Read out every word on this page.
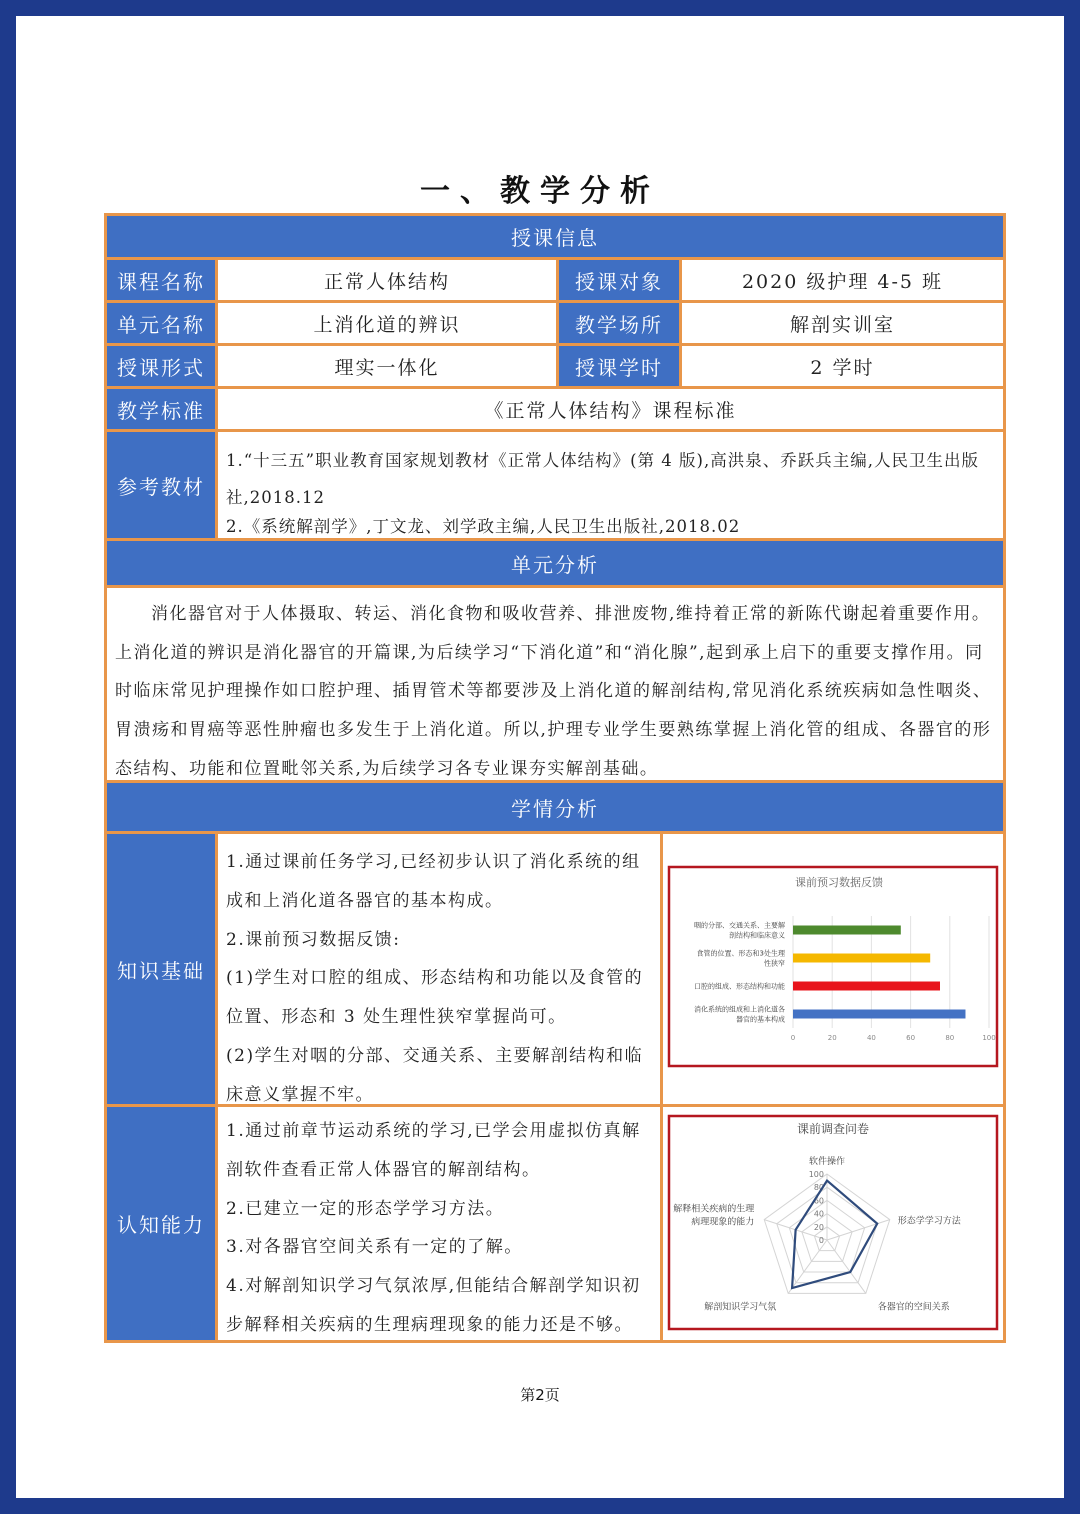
一、教学分析
授课信息
课程名称	正常人体结构	授课对象	2020 级护理 4-5 班
单元名称	上消化道的辨识	教学场所	解剖实训室
授课形式	理实一体化	授课学时	2 学时
教学标准	《正常人体结构》课程标准
参考教材

1.“十三五”职业教育国家规划教材《正常人体结构》(第 4 版),高洪泉、乔跃兵主编,人民卫生出版社,2018.12

2.《系统解剖学》,丁文龙、刘学政主编,人民卫生出版社,2018.02

单元分析
消化器官对于人体摄取、转运、消化食物和吸收营养、排泄废物,维持着正常的新陈代谢起着重要作用。上消化道的辨识是消化器官的开篇课,为后续学习“下消化道”和“消化腺”,起到承上启下的重要支撑作用。同时临床常见护理操作如口腔护理、插胃管术等都要涉及上消化道的解剖结构,常见消化系统疾病如急性咽炎、胃溃疡和胃癌等恶性肿瘤也多发生于上消化道。所以,护理专业学生要熟练掌握上消化管的组成、各器官的形态结构、功能和位置毗邻关系,为后续学习各专业课夯实解剖基础。
学情分析
知识基础

1.通过课前任务学习,已经初步认识了消化系统的组成和上消化道各器官的基本构成。

2.课前预习数据反馈:

(1)学生对口腔的组成、形态结构和功能以及食管的位置、形态和 3 处生理性狭窄掌握尚可。

(2)学生对咽的分部、交通关系、主要解剖结构和临床意义掌握不牢。

课前预习数据反馈
0	20	40	60	80	100
咽的分部、交通关系、主要解
剖结构和临床意义
食管的位置、形态和3处生理
性狭窄
口腔的组成、形态结构和功能
消化系统的组成和上消化道各
器官的基本构成
认知能力

1.通过前章节运动系统的学习,已学会用虚拟仿真解剖软件查看正常人体器官的解剖结构。

2.已建立一定的形态学学习方法。

3.对各器官空间关系有一定的了解。

4.对解剖知识学习气氛浓厚,但能结合解剖学知识初步解释相关疾病的生理病理现象的能力还是不够。

课前调查问卷
0
20
40
60
80
100
软件操作
形态学学习方法
各器官的空间关系
解剖知识学习气氛
解释相关疾病的生理
病理现象的能力
第2页
